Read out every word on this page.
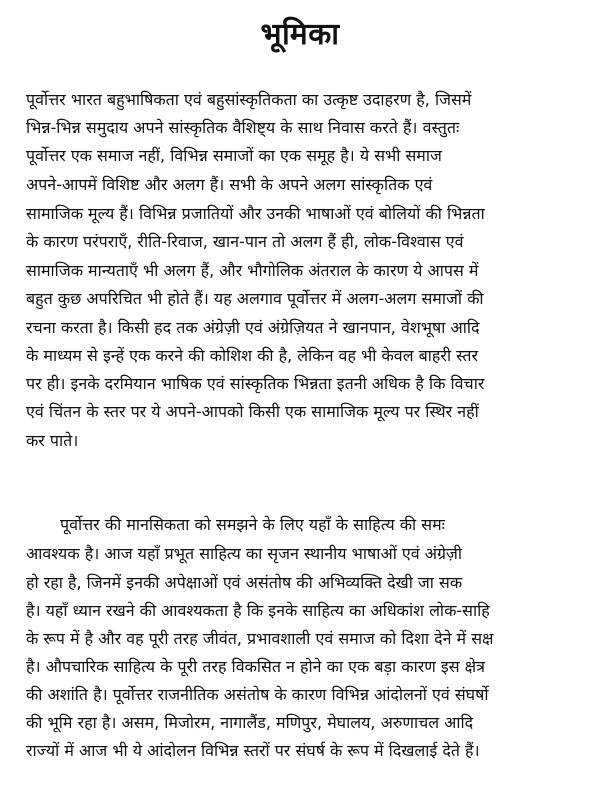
भूमिका
पूर्वोत्तर भारत बहुभाषिकता एवं बहुसांस्कृतिकता का उत्कृष्ट उदाहरण है, जिसमें
भिन्न-भिन्न समुदाय अपने सांस्कृतिक वैशिष्ट्य के साथ निवास करते हैं। वस्तुतः
पूर्वोत्तर एक समाज नहीं, विभिन्न समाजों का एक समूह है। ये सभी समाज
अपने-आपमें विशिष्ट और अलग हैं। सभी के अपने अलग सांस्कृतिक एवं
सामाजिक मूल्य हैं। विभिन्न प्रजातियों और उनकी भाषाओं एवं बोलियों की भिन्नता
के कारण परंपराएँ, रीति-रिवाज, खान-पान तो अलग हैं ही, लोक-विश्वास एवं
सामाजिक मान्यताएँ भी अलग हैं, और भौगोलिक अंतराल के कारण ये आपस में
बहुत कुछ अपरिचित भी होते हैं। यह अलगाव पूर्वोत्तर में अलग-अलग समाजों की
रचना करता है। किसी हद तक अंग्रेज़ी एवं अंग्रेज़ियत ने खानपान, वेशभूषा आदि
के माध्यम से इन्हें एक करने की कोशिश की है, लेकिन वह भी केवल बाहरी स्तर
पर ही। इनके दरमियान भाषिक एवं सांस्कृतिक भिन्नता इतनी अधिक है कि विचार
एवं चिंतन के स्तर पर ये अपने-आपको किसी एक सामाजिक मूल्य पर स्थिर नहीं
कर पाते।
पूर्वोत्तर की मानसिकता को समझने के लिए यहाँ के साहित्य की समः
आवश्यक है। आज यहाँ प्रभूत साहित्य का सृजन स्थानीय भाषाओं एवं अंग्रेज़ी
हो रहा है, जिनमें इनकी अपेक्षाओं एवं असंतोष की अभिव्यक्ति देखी जा सक
है। यहाँ ध्यान रखने की आवश्यकता है कि इनके साहित्य का अधिकांश लोक-साहि
के रूप में है और वह पूरी तरह जीवंत, प्रभावशाली एवं समाज को दिशा देने में सक्ष
है। औपचारिक साहित्य के पूरी तरह विकसित न होने का एक बड़ा कारण इस क्षेत्र
की अशांति है। पूर्वोत्तर राजनीतिक असंतोष के कारण विभिन्न आंदोलनों एवं संघर्षो
की भूमि रहा है। असम, मिजोरम, नागालैंड, मणिपुर, मेघालय, अरुणाचल आदि
राज्यों में आज भी ये आंदोलन विभिन्न स्तरों पर संघर्ष के रूप में दिखलाई देते हैं।
